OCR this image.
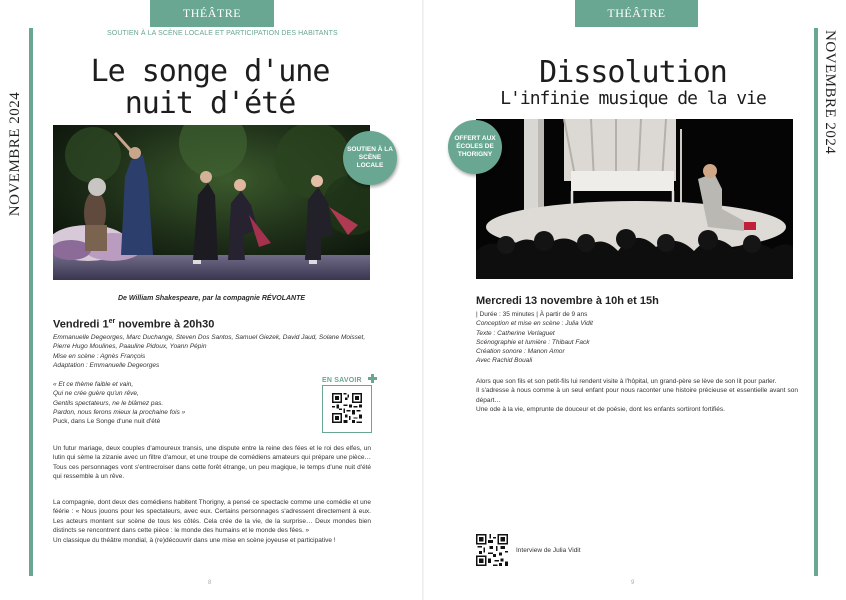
NOVEMBRE 2024
THÉÂTRE
SOUTIEN À LA SCÈNE LOCALE ET PARTICIPATION DES HABITANTS
Le songe d'une
nuit d'été
SOUTIEN À LA SCÈNE LOCALE
De William Shakespeare, par la compagnie RÉVOLANTE
Vendredi 1er novembre à 20h30
Emmanuelle Degeorges, Marc Duchange, Steven Dos Santos, Samuel Giezek, David Jaud, Solane Moisset,
Pierre Hugo Moulines, Paauline Pidoux, Yoann Pépin
Mise en scène : Agnès François
Adaptation : Emmanuelle Degeorges
« Et ce thème faible et vain,
Qui ne crée guère qu'un rêve,
Gentils spectateurs, ne le blâmez pas.
Pardon, nous ferons mieux la prochaine fois »
Puck, dans Le Songe d'une nuit d'été
EN SAVOIR
Un futur mariage, deux couples d'amoureux transis, une dispute entre la reine des fées et le roi des elfes, un lutin qui sème la zizanie avec un filtre d'amour, et une troupe de comédiens amateurs qui prépare une pièce… Tous ces personnages vont s'entrecroiser dans cette forêt étrange, un peu magique, le temps d'une nuit d'été qui ressemble à un rêve.

La compagnie, dont deux des comédiens habitent Thorigny, a pensé ce spectacle comme une comédie et une féérie : « Nous jouons pour les spectateurs, avec eux. Certains personnages s'adressent directement à eux. Les acteurs montent sur scène de tous les côtés. Cela crée de la vie, de la surprise… Deux mondes bien distincts se rencontrent dans cette pièce : le monde des humains et le monde des fées. »

Un classique du théâtre mondial, à (re)découvrir dans une mise en scène joyeuse et participative !

8
NOVEMBRE 2024
THÉÂTRE
Dissolution
L'infinie musique de la vie
OFFERT AUX ÉCOLES DE THORIGNY
Mercredi 13 novembre à 10h et 15h
| Durée : 35 minutes | À partir de 9 ans
Conception et mise en scène : Julia Vidit
Texte : Catherine Verlaguet
Scénographie et lumière : Thibaut Fack
Création sonore : Manon Amor
Avec Rachid Bouali

Alors que son fils et son petit-fils lui rendent visite à l'hôpital, un grand-père se lève de son lit pour parler.

Il s'adresse à nous comme à un seul enfant pour nous raconter une histoire précieuse et essentielle avant son départ…

Une ode à la vie, emprunte de douceur et de poésie, dont les enfants sortiront fortifiés.

Interview de Julia Vidit
9
